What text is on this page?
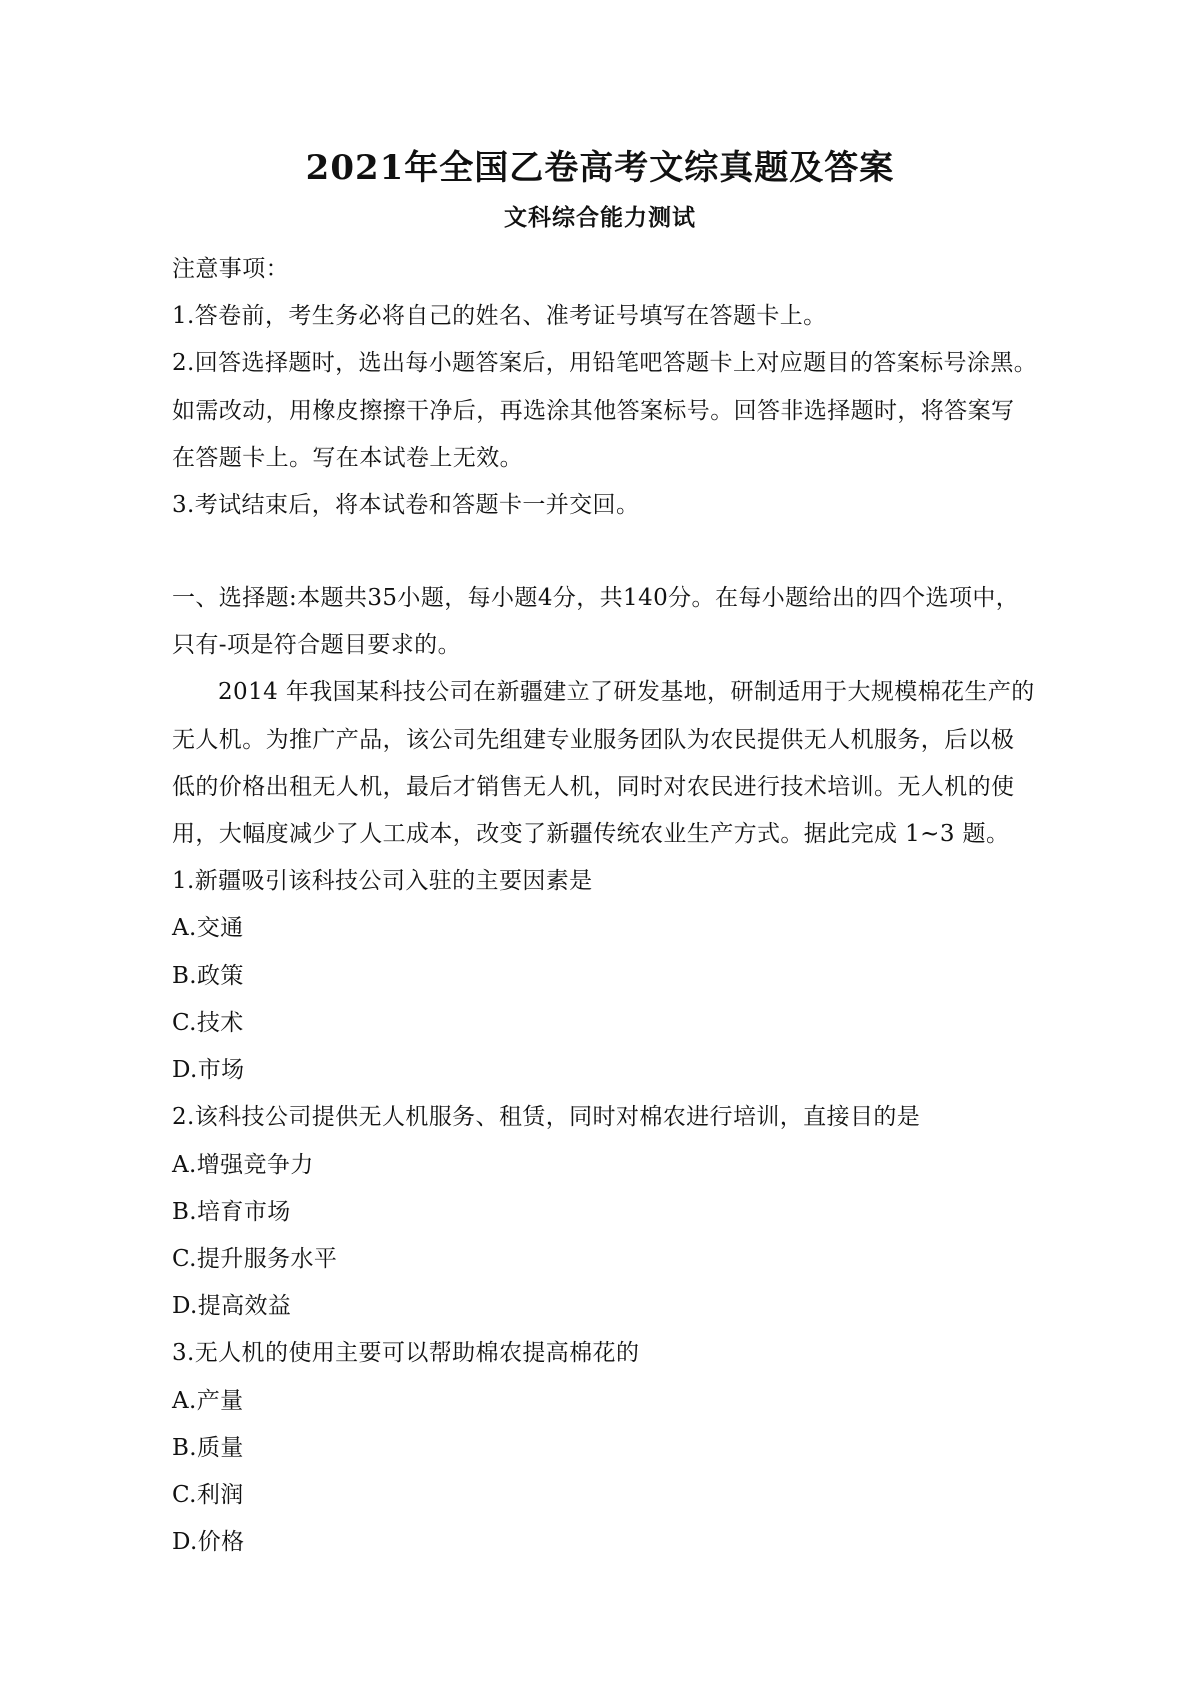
2021年全国乙卷高考文综真题及答案
文科综合能力测试
注意事项：
1.答卷前，考生务必将自己的姓名、准考证号填写在答题卡上。
2.回答选择题时，选出每小题答案后，用铅笔吧答题卡上对应题目的答案标号涂黑。
如需改动，用橡皮擦擦干净后，再选涂其他答案标号。回答非选择题时，将答案写
在答题卡上。写在本试卷上无效。
3.考试结束后，将本试卷和答题卡一并交回。
一、选择题:本题共35小题，每小题4分，共140分。在每小题给出的四个选项中，
只有-项是符合题目要求的。
2014 年我国某科技公司在新疆建立了研发基地，研制适用于大规模棉花生产的
无人机。为推广产品，该公司先组建专业服务团队为农民提供无人机服务，后以极
低的价格出租无人机，最后才销售无人机，同时对农民进行技术培训。无人机的使
用，大幅度减少了人工成本，改变了新疆传统农业生产方式。据此完成 1~3 题。
1.新疆吸引该科技公司入驻的主要因素是
A.交通
B.政策
C.技术
D.市场
2.该科技公司提供无人机服务、租赁，同时对棉农进行培训，直接目的是
A.增强竞争力
B.培育市场
C.提升服务水平
D.提高效益
3.无人机的使用主要可以帮助棉农提高棉花的
A.产量
B.质量
C.利润
D.价格
